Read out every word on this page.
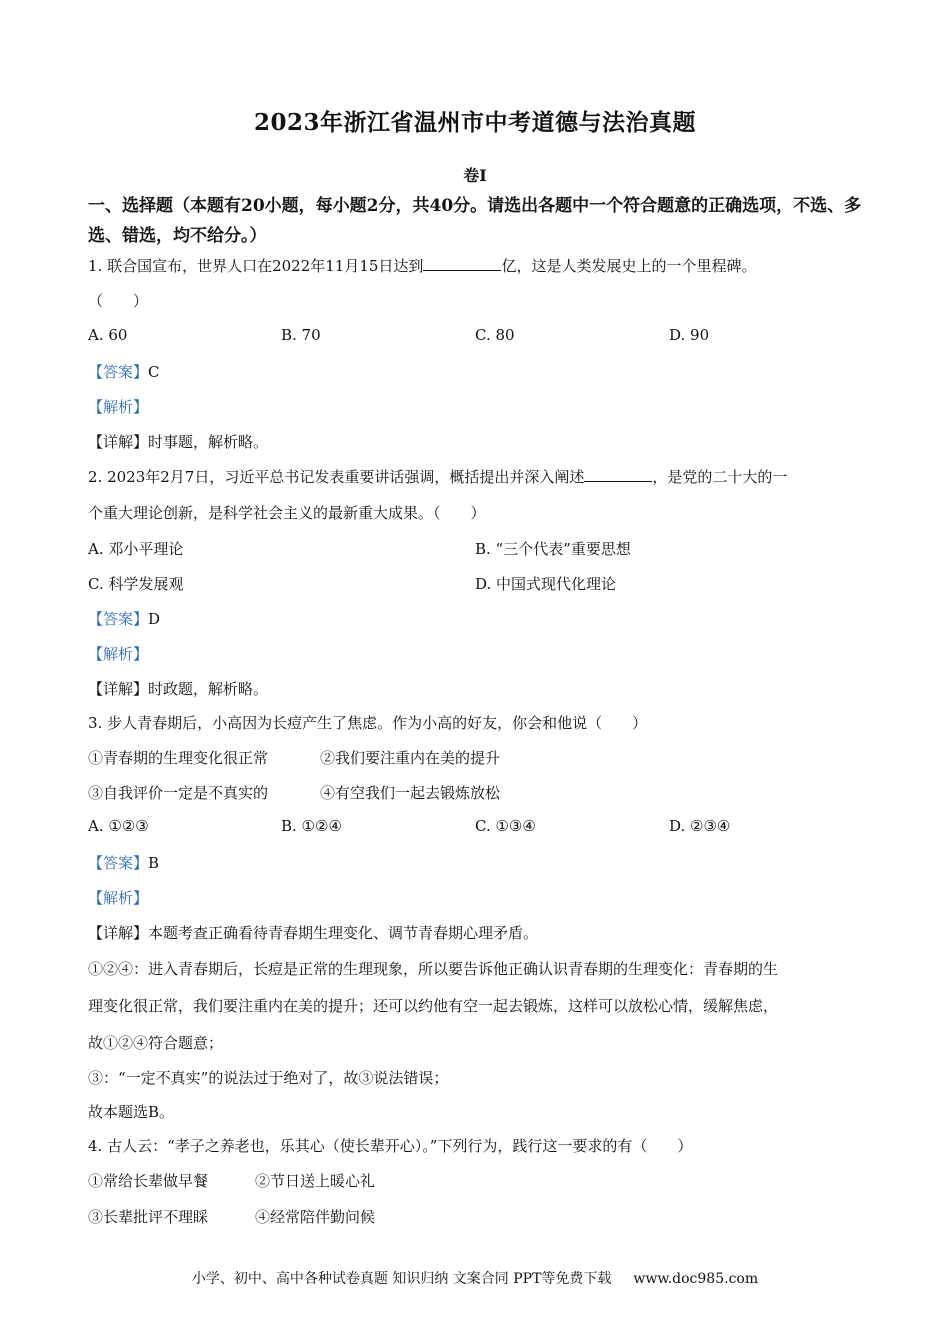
2023年浙江省温州市中考道德与法治真题
卷I
一、选择题（本题有20小题，每小题2分，共40分。请选出各题中一个符合题意的正确选项，不选、多选、错选，均不给分。）
1. 联合国宣布，世界人口在2022年11月15日达到	亿，这是人类发展史上的一个里程碑。
（　　）
A. 60	B. 70	C. 80	D. 90
【答案】C
【解析】
【详解】时事题，解析略。
2. 2023年2月7日，习近平总书记发表重要讲话强调，概括提出并深入阐述	，是党的二十大的一
个重大理论创新，是科学社会主义的最新重大成果。（　　）
A. 邓小平理论	B. “三个代表”重要思想
C. 科学发展观	D. 中国式现代化理论
【答案】D
【解析】
【详解】时政题，解析略。
3. 步人青春期后，小高因为长痘产生了焦虑。作为小高的好友，你会和他说（　　）
①青春期的生理变化很正常	②我们要注重内在美的提升
③自我评价一定是不真实的	④有空我们一起去锻炼放松
A. ①②③	B. ①②④	C. ①③④	D. ②③④
【答案】B
【解析】
【详解】本题考查正确看待青春期生理变化、调节青春期心理矛盾。
①②④：进入青春期后，长痘是正常的生理现象，所以要告诉他正确认识青春期的生理变化：青春期的生
理变化很正常，我们要注重内在美的提升；还可以约他有空一起去锻炼，这样可以放松心情，缓解焦虑，
故①②④符合题意；
③：“一定不真实”的说法过于绝对了，故③说法错误；
故本题选B。
4. 古人云：“孝子之养老也，乐其心（使长辈开心）。”下列行为，践行这一要求的有（　　）
①常给长辈做早餐	②节日送上暖心礼
③长辈批评不理睬	④经常陪伴勤问候
小学、初中、高中各种试卷真题 知识归纳 文案合同 PPT等免费下载 www.doc985.com
